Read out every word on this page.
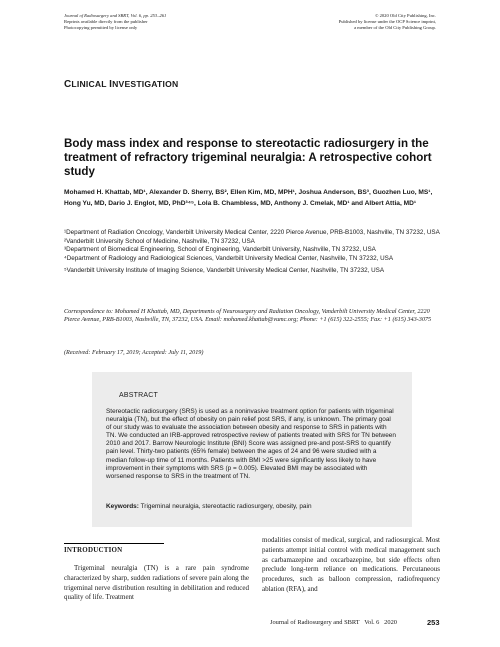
Journal of Radiosurgery and SBRT, Vol. 6, pp. 253–261
Reprints available directly from the publisher
Photocopying permitted by license only
© 2020 Old City Publishing, Inc.
Published by license under the OCP Science imprint,
a member of the Old City Publishing Group.
CLINICAL INVESTIGATION
Body mass index and response to stereotactic radiosurgery in the treatment of refractory trigeminal neuralgia: A retrospective cohort study
Mohamed H. Khattab, MD¹, Alexander D. Sherry, BS², Ellen Kim, MD, MPH¹, Joshua Anderson, BS³, Guozhen Luo, MS¹, Hong Yu, MD, Dario J. Englot, MD, PhD³⁴⁵, Lola B. Chambless, MD, Anthony J. Cmelak, MD¹ and Albert Attia, MD¹
¹Department of Radiation Oncology, Vanderbilt University Medical Center, 2220 Pierce Avenue, PRB-B1003, Nashville, TN 37232, USA
²Vanderbilt University School of Medicine, Nashville, TN 37232, USA
³Department of Biomedical Engineering, School of Engineering, Vanderbilt University, Nashville, TN 37232, USA
⁴Department of Radiology and Radiological Sciences, Vanderbilt University Medical Center, Nashville, TN 37232, USA
⁵Vanderbilt University Institute of Imaging Science, Vanderbilt University Medical Center, Nashville, TN 37232, USA
Correspondence to: Mohamed H Khattab, MD, Departments of Neurosurgery and Radiation Oncology, Vanderbilt University Medical Center, 2220 Pierce Avenue, PRB-B1003, Nashville, TN, 37232, USA. Email: mohamed.khattab@vumc.org; Phone: +1 (615) 322-2555; Fax: +1 (615) 343-3075
(Received: February 17, 2019; Accepted: July 11, 2019)
ABSTRACT
Stereotactic radiosurgery (SRS) is used as a noninvasive treatment option for patients with trigeminal neuralgia (TN), but the effect of obesity on pain relief post SRS, if any, is unknown. The primary goal of our study was to evaluate the association between obesity and response to SRS in patients with TN. We conducted an IRB-approved retrospective review of patients treated with SRS for TN between 2010 and 2017. Barrow Neurologic Institute (BNI) Score was assigned pre-and post-SRS to quantify pain level. Thirty-two patients (65% female) between the ages of 24 and 96 were studied with a median follow-up time of 11 months. Patients with BMI >25 were significantly less likely to have improvement in their symptoms with SRS (p = 0.005). Elevated BMI may be associated with worsened response to SRS in the treatment of TN.
Keywords: Trigeminal neuralgia, stereotactic radiosurgery, obesity, pain
INTRODUCTION

Trigeminal neuralgia (TN) is a rare pain syndrome characterized by sharp, sudden radiations of severe pain along the trigeminal nerve distribution resulting in debilitation and reduced quality of life. Treatment

modalities consist of medical, surgical, and radiosurgical. Most patients attempt initial control with medical management such as carbamazepine and oxcarbazepine, but side effects often preclude long-term reliance on medications. Percutaneous procedures, such as balloon compression, radiofrequency ablation (RFA), and

Journal of Radiosurgery and SBRT   Vol. 6   2020	253
